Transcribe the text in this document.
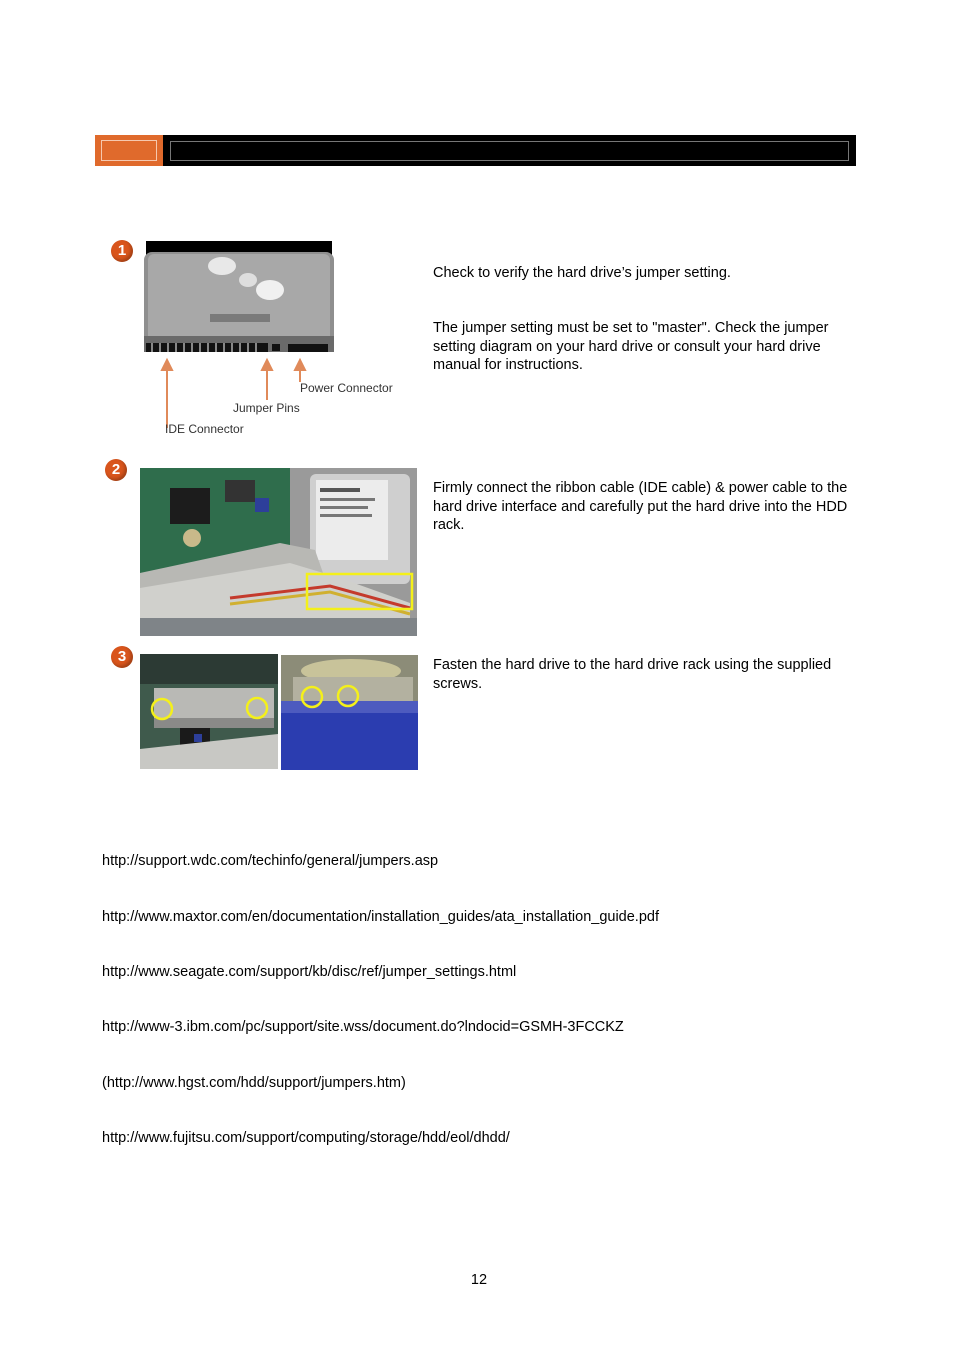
1
Power Connector
Jumper Pins
IDE Connector
Check to verify the hard drive’s jumper setting.
The jumper setting must be set to "master". Check the jumper setting diagram on your hard drive or consult your hard drive manual for instructions.
2
Firmly connect the ribbon cable (IDE cable) & power cable to the hard drive interface and carefully put the hard drive into the HDD rack.
3	Fasten the hard drive to the hard drive rack using the supplied screws.
http://support.wdc.com/techinfo/general/jumpers.asp
http://www.maxtor.com/en/documentation/installation_guides/ata_installation_guide.pdf
http://www.seagate.com/support/kb/disc/ref/jumper_settings.html
http://www-3.ibm.com/pc/support/site.wss/document.do?lndocid=GSMH-3FCCKZ
(http://www.hgst.com/hdd/support/jumpers.htm)
http://www.fujitsu.com/support/computing/storage/hdd/eol/dhdd/
12
